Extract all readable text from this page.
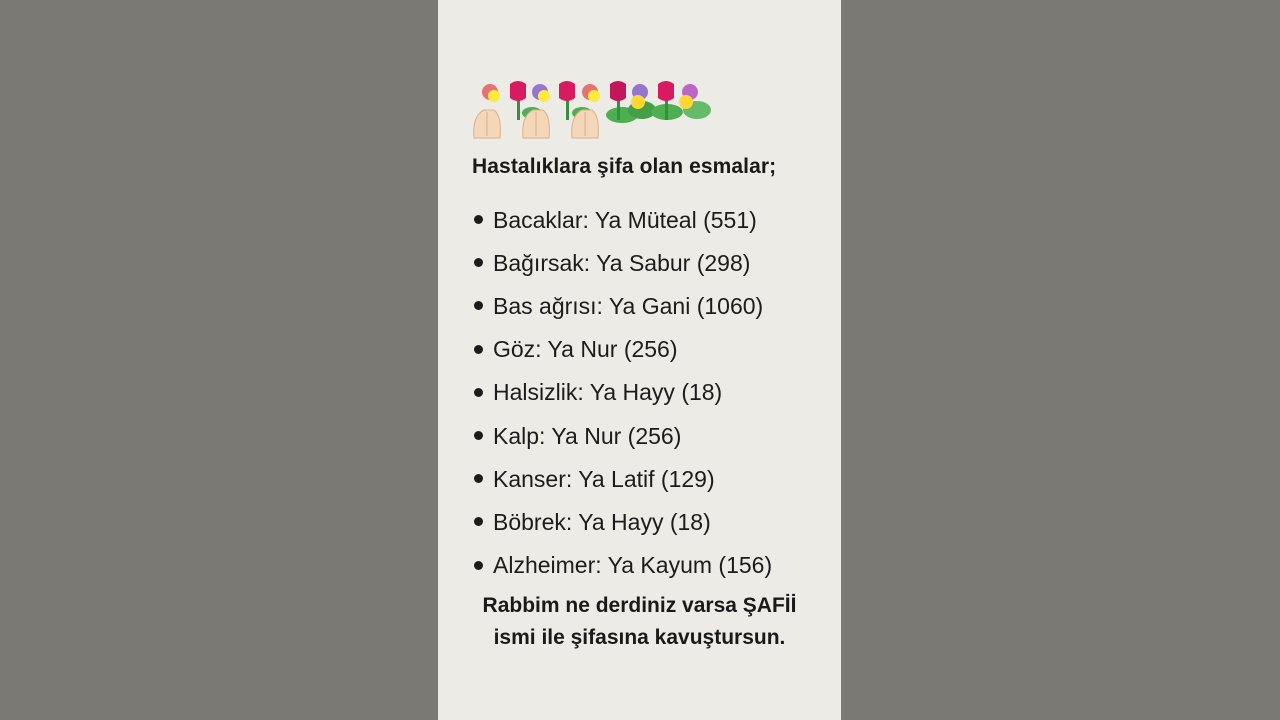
Hastalıklara şifa olan esmalar;
Bacaklar: Ya Müteal (551)
Bağırsak: Ya Sabur (298)
Bas ağrısı: Ya Gani (1060)
Göz: Ya Nur (256)
Halsizlik: Ya Hayy (18)
Kalp: Ya Nur (256)
Kanser: Ya Latif (129)
Böbrek: Ya Hayy (18)
Alzheimer: Ya Kayum (156)
Rabbim ne derdiniz varsa ŞAFİİ
ismi ile şifasına kavuştursun.
